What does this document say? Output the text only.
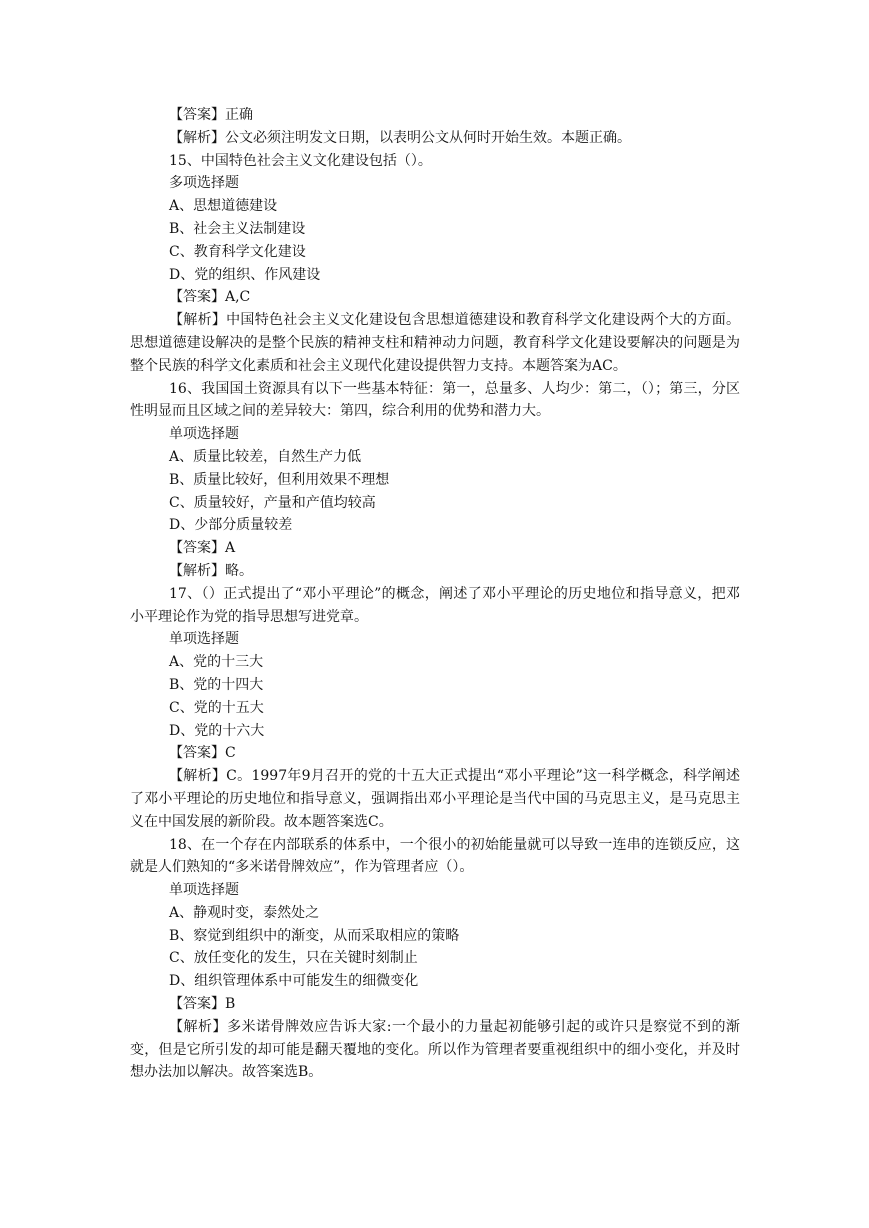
【答案】正确
【解析】公文必须注明发文日期，以表明公文从何时开始生效。本题正确。
15、中国特色社会主义文化建设包括（）。
多项选择题
A、思想道德建设
B、社会主义法制建设
C、教育科学文化建设
D、党的组织、作风建设
【答案】A,C
【解析】中国特色社会主义文化建设包含思想道德建设和教育科学文化建设两个大的方面。思想道德建设解决的是整个民族的精神支柱和精神动力问题，教育科学文化建设要解决的问题是为整个民族的科学文化素质和社会主义现代化建设提供智力支持。本题答案为AC。
16、我国国土资源具有以下一些基本特征：第一，总量多、人均少：第二，（）；第三，分区性明显而且区域之间的差异较大：第四，综合利用的优势和潜力大。
单项选择题
A、质量比较差，自然生产力低
B、质量比较好，但利用效果不理想
C、质量较好，产量和产值均较高
D、少部分质量较差
【答案】A
【解析】略。
17、（）正式提出了“邓小平理论”的概念，阐述了邓小平理论的历史地位和指导意义，把邓小平理论作为党的指导思想写进党章。
单项选择题
A、党的十三大
B、党的十四大
C、党的十五大
D、党的十六大
【答案】C
【解析】C。1997年9月召开的党的十五大正式提出“邓小平理论”这一科学概念，科学阐述了邓小平理论的历史地位和指导意义，强调指出邓小平理论是当代中国的马克思主义，是马克思主义在中国发展的新阶段。故本题答案选C。
18、在一个存在内部联系的体系中，一个很小的初始能量就可以导致一连串的连锁反应，这就是人们熟知的“多米诺骨牌效应”，作为管理者应（）。
单项选择题
A、静观时变，泰然处之
B、察觉到组织中的渐变，从而采取相应的策略
C、放任变化的发生，只在关键时刻制止
D、组织管理体系中可能发生的细微变化
【答案】B
【解析】多米诺骨牌效应告诉大家:一个最小的力量起初能够引起的或许只是察觉不到的渐变，但是它所引发的却可能是翻天覆地的变化。所以作为管理者要重视组织中的细小变化，并及时想办法加以解决。故答案选B。
